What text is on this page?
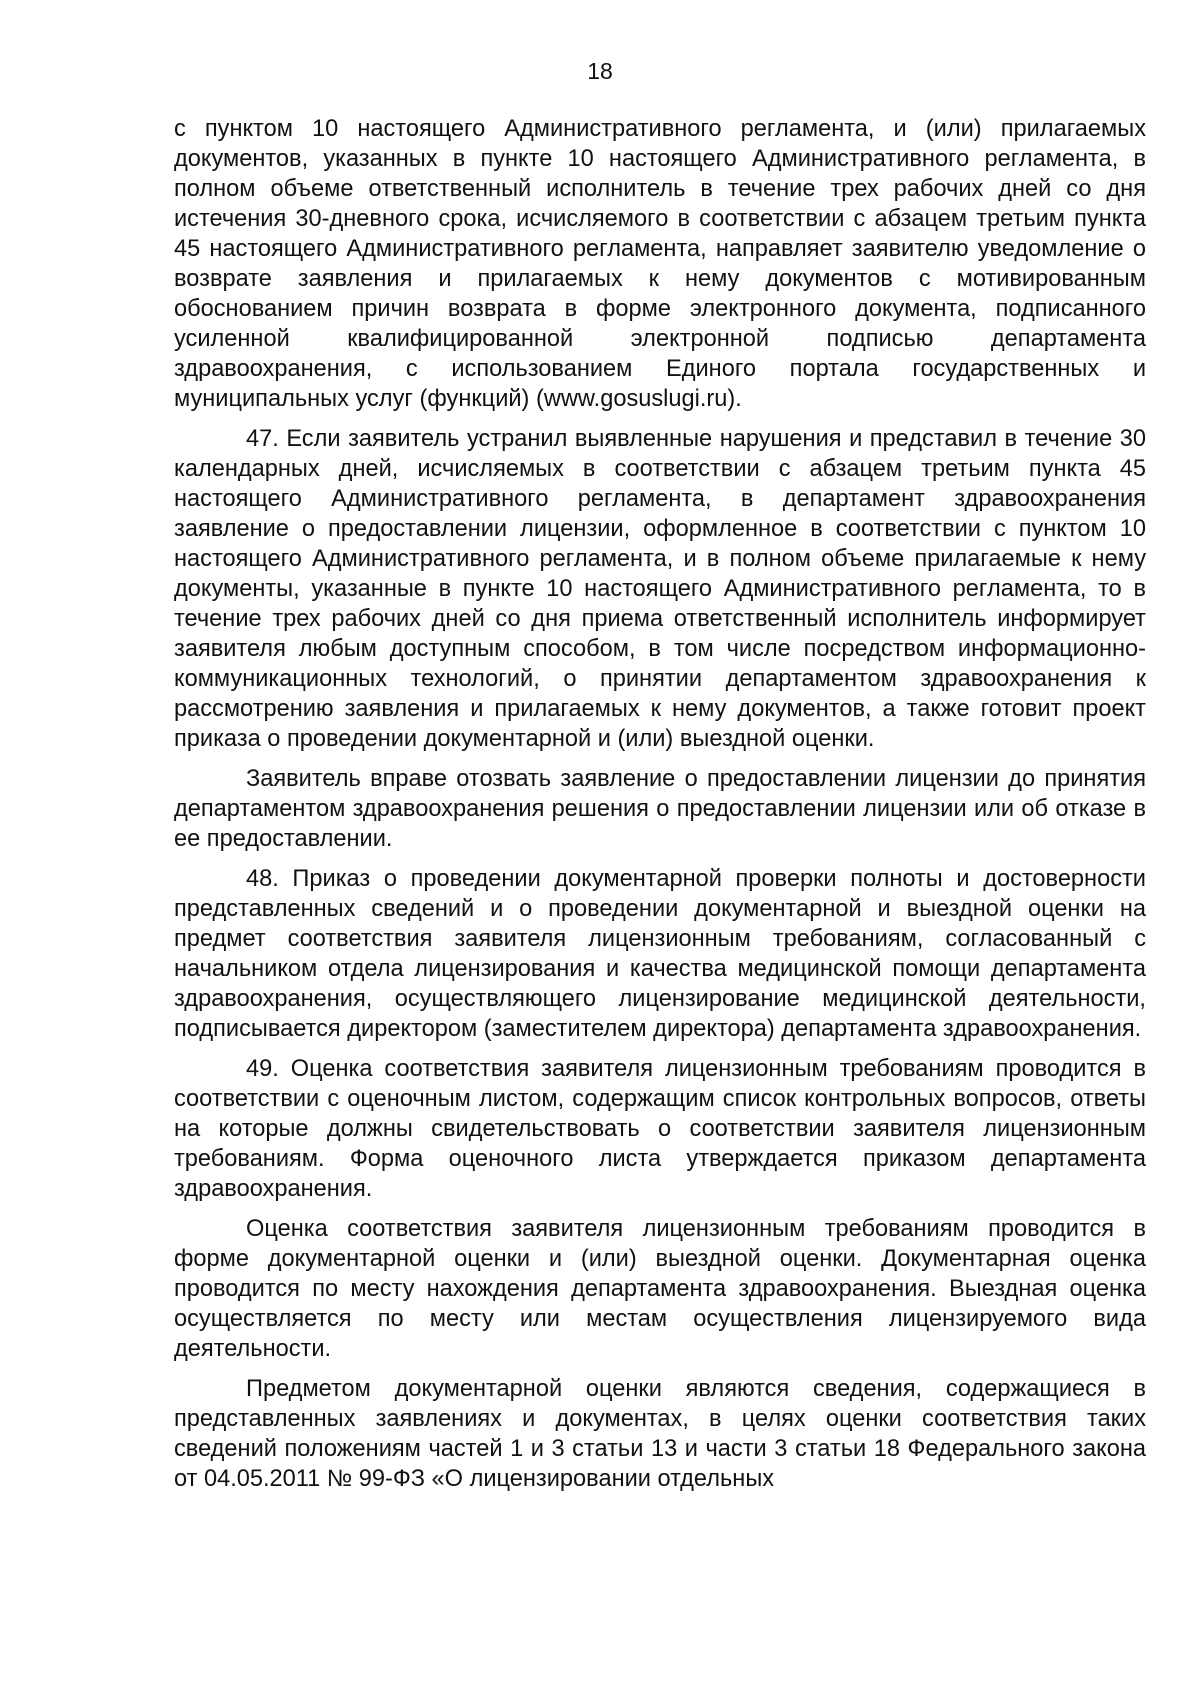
18

с пунктом 10 настоящего Административного регламента, и (или) прилагаемых документов, указанных в пункте 10 настоящего Административного регламента, в полном объеме ответственный исполнитель в течение трех рабочих дней со дня истечения 30-дневного срока, исчисляемого в соответствии с абзацем третьим пункта 45 настоящего Административного регламента, направляет заявителю уведомление о возврате заявления и прилагаемых к нему документов с мотивированным обоснованием причин возврата в форме электронного документа, подписанного усиленной квалифицированной электронной подписью департамента здравоохранения, с использованием Единого портала государственных и муниципальных услуг (функций) (www.gosuslugi.ru).

47. Если заявитель устранил выявленные нарушения и представил в течение 30 календарных дней, исчисляемых в соответствии с абзацем третьим пункта 45 настоящего Административного регламента, в департамент здравоохранения заявление о предоставлении лицензии, оформленное в соответствии с пунктом 10 настоящего Административного регламента, и в полном объеме прилагаемые к нему документы, указанные в пункте 10 настоящего Административного регламента, то в течение трех рабочих дней со дня приема ответственный исполнитель информирует заявителя любым доступным способом, в том числе посредством информационно-коммуникационных технологий, о принятии департаментом здравоохранения к рассмотрению заявления и прилагаемых к нему документов, а также готовит проект приказа о проведении документарной и (или) выездной оценки.

Заявитель вправе отозвать заявление о предоставлении лицензии до принятия департаментом здравоохранения решения о предоставлении лицензии или об отказе в ее предоставлении.

48. Приказ о проведении документарной проверки полноты и достоверности представленных сведений и о проведении документарной и выездной оценки на предмет соответствия заявителя лицензионным требованиям, согласованный с начальником отдела лицензирования и качества медицинской помощи департамента здравоохранения, осуществляющего лицензирование медицинской деятельности, подписывается директором (заместителем директора) департамента здравоохранения.

49. Оценка соответствия заявителя лицензионным требованиям проводится в соответствии с оценочным листом, содержащим список контрольных вопросов, ответы на которые должны свидетельствовать о соответствии заявителя лицензионным требованиям. Форма оценочного листа утверждается приказом департамента здравоохранения.

Оценка соответствия заявителя лицензионным требованиям проводится в форме документарной оценки и (или) выездной оценки. Документарная оценка проводится по месту нахождения департамента здравоохранения. Выездная оценка осуществляется по месту или местам осуществления лицензируемого вида деятельности.

Предметом документарной оценки являются сведения, содержащиеся в представленных заявлениях и документах, в целях оценки соответствия таких сведений положениям частей 1 и 3 статьи 13 и части 3 статьи 18 Федерального закона от 04.05.2011 № 99-ФЗ «О лицензировании отдельных
